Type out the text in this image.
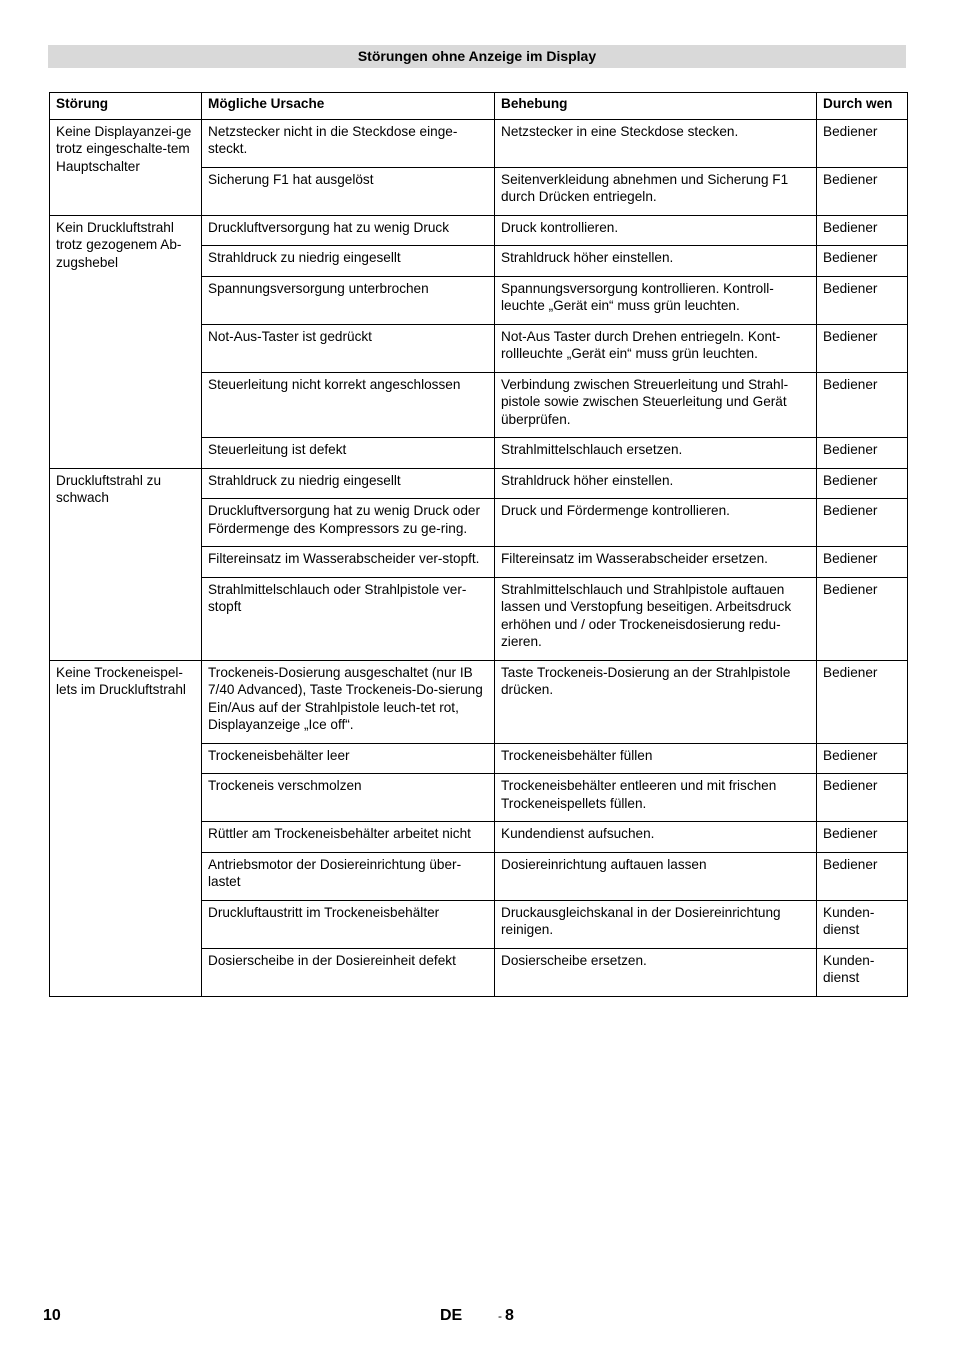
Störungen ohne Anzeige im Display
Störung	Mögliche Ursache	Behebung	Durch wen
Keine Displayanzei-ge trotz eingeschalte-tem Hauptschalter	Netzstecker nicht in die Steckdose einge-steckt.	Netzstecker in eine Steckdose stecken.	Bediener
	Sicherung F1 hat ausgelöst	Seitenverkleidung abnehmen und Sicherung F1 durch Drücken entriegeln.	Bediener
Kein Druckluftstrahl trotz gezogenem Ab-zugshebel	Druckluftversorgung hat zu wenig Druck	Druck kontrollieren.	Bediener
	Strahldruck zu niedrig eingesellt	Strahldruck höher einstellen.	Bediener
	Spannungsversorgung unterbrochen	Spannungsversorgung kontrollieren. Kontroll-leuchte „Gerät ein“ muss grün leuchten.	Bediener
	Not-Aus-Taster ist gedrückt	Not-Aus Taster durch Drehen entriegeln. Kont-rollleuchte „Gerät ein“ muss grün leuchten.	Bediener
	Steuerleitung nicht korrekt angeschlossen	Verbindung zwischen Streuerleitung und Strahl-pistole sowie zwischen Steuerleitung und Gerät überprüfen.	Bediener
	Steuerleitung ist defekt	Strahlmittelschlauch ersetzen.	Bediener
Druckluftstrahl zu schwach	Strahldruck zu niedrig eingesellt	Strahldruck höher einstellen.	Bediener
	Druckluftversorgung hat zu wenig Druck oder Fördermenge des Kompressors zu ge-ring.	Druck und Fördermenge kontrollieren.	Bediener
	Filtereinsatz im Wasserabscheider ver-stopft.	Filtereinsatz im Wasserabscheider ersetzen.	Bediener
	Strahlmittelschlauch oder Strahlpistole ver-stopft	Strahlmittelschlauch und Strahlpistole auftauen lassen und Verstopfung beseitigen. Arbeitsdruck erhöhen und / oder Trockeneisdosierung redu-zieren.	Bediener
Keine Trockeneispel-lets im Druckluftstrahl	Trockeneis-Dosierung ausgeschaltet (nur IB 7/40 Advanced), Taste Trockeneis-Do-sierung Ein/Aus auf der Strahlpistole leuch-tet rot, Displayanzeige „Ice off“.	Taste Trockeneis-Dosierung an der Strahlpistole drücken.	Bediener
	Trockeneisbehälter leer	Trockeneisbehälter füllen	Bediener
	Trockeneis verschmolzen	Trockeneisbehälter entleeren und mit frischen Trockeneispellets füllen.	Bediener
	Rüttler am Trockeneisbehälter arbeitet nicht	Kundendienst aufsuchen.	Bediener
	Antriebsmotor der Dosiereinrichtung über-lastet	Dosiereinrichtung auftauen lassen	Bediener
	Druckluftaustritt im Trockeneisbehälter	Druckausgleichskanal in der Dosiereinrichtung reinigen.	Kunden-dienst
	Dosierscheibe in der Dosiereinheit defekt	Dosierscheibe ersetzen.	Kunden-dienst
10	DE	- 8
